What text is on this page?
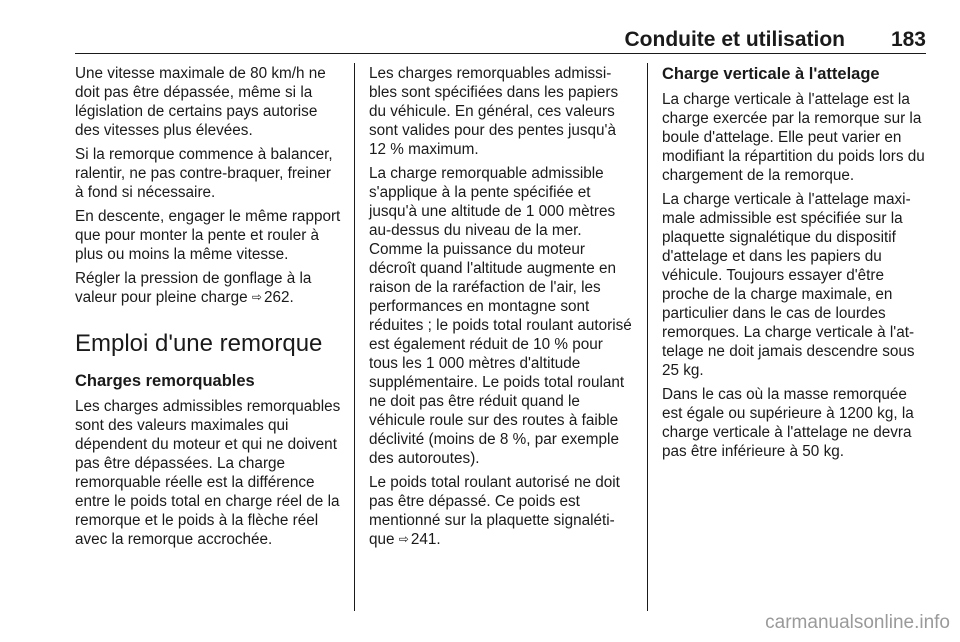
Conduite et utilisation	183

Une vitesse maximale de 80 km/h ne doit pas être dépassée, même si la législation de certains pays autorise des vitesses plus élevées.

Si la remorque commence à balancer, ralentir, ne pas contre-braquer, freiner à fond si nécessaire.

En descente, engager le même rapport que pour monter la pente et rouler à plus ou moins la même vitesse.

Régler la pression de gonflage à la valeur pour pleine charge ⇨ 262.

Emploi d'une remorque
Charges remorquables

Les charges admissibles remorquables sont des valeurs maximales qui dépendent du moteur et qui ne doivent pas être dépassées. La charge remorquable réelle est la différence entre le poids total en charge réel de la remorque et le poids à la flèche réel avec la remorque accrochée.

Les charges remorquables admissibles sont spécifiées dans les papiers du véhicule. En général, ces valeurs sont valides pour des pentes jusqu'à 12 % maximum.

La charge remorquable admissible s'applique à la pente spécifiée et jusqu'à une altitude de 1 000 mètres au-dessus du niveau de la mer. Comme la puissance du moteur décroît quand l'altitude augmente en raison de la raréfaction de l'air, les performances en montagne sont réduites ; le poids total roulant autorisé est également réduit de 10 % pour tous les 1 000 mètres d'altitude supplémentaire. Le poids total roulant ne doit pas être réduit quand le véhicule roule sur des routes à faible déclivité (moins de 8 %, par exemple des autoroutes).

Le poids total roulant autorisé ne doit pas être dépassé. Ce poids est mentionné sur la plaquette signalétique ⇨ 241.

Charge verticale à l'attelage

La charge verticale à l'attelage est la charge exercée par la remorque sur la boule d'attelage. Elle peut varier en modifiant la répartition du poids lors du chargement de la remorque.

La charge verticale à l'attelage maximale admissible est spécifiée sur la plaquette signalétique du dispositif d'attelage et dans les papiers du véhicule. Toujours essayer d'être proche de la charge maximale, en particulier dans le cas de lourdes remorques. La charge verticale à l'attelage ne doit jamais descendre sous 25 kg.

Dans le cas où la masse remorquée est égale ou supérieure à 1200 kg, la charge verticale à l'attelage ne devra pas être inférieure à 50 kg.

carmanualsonline.info
